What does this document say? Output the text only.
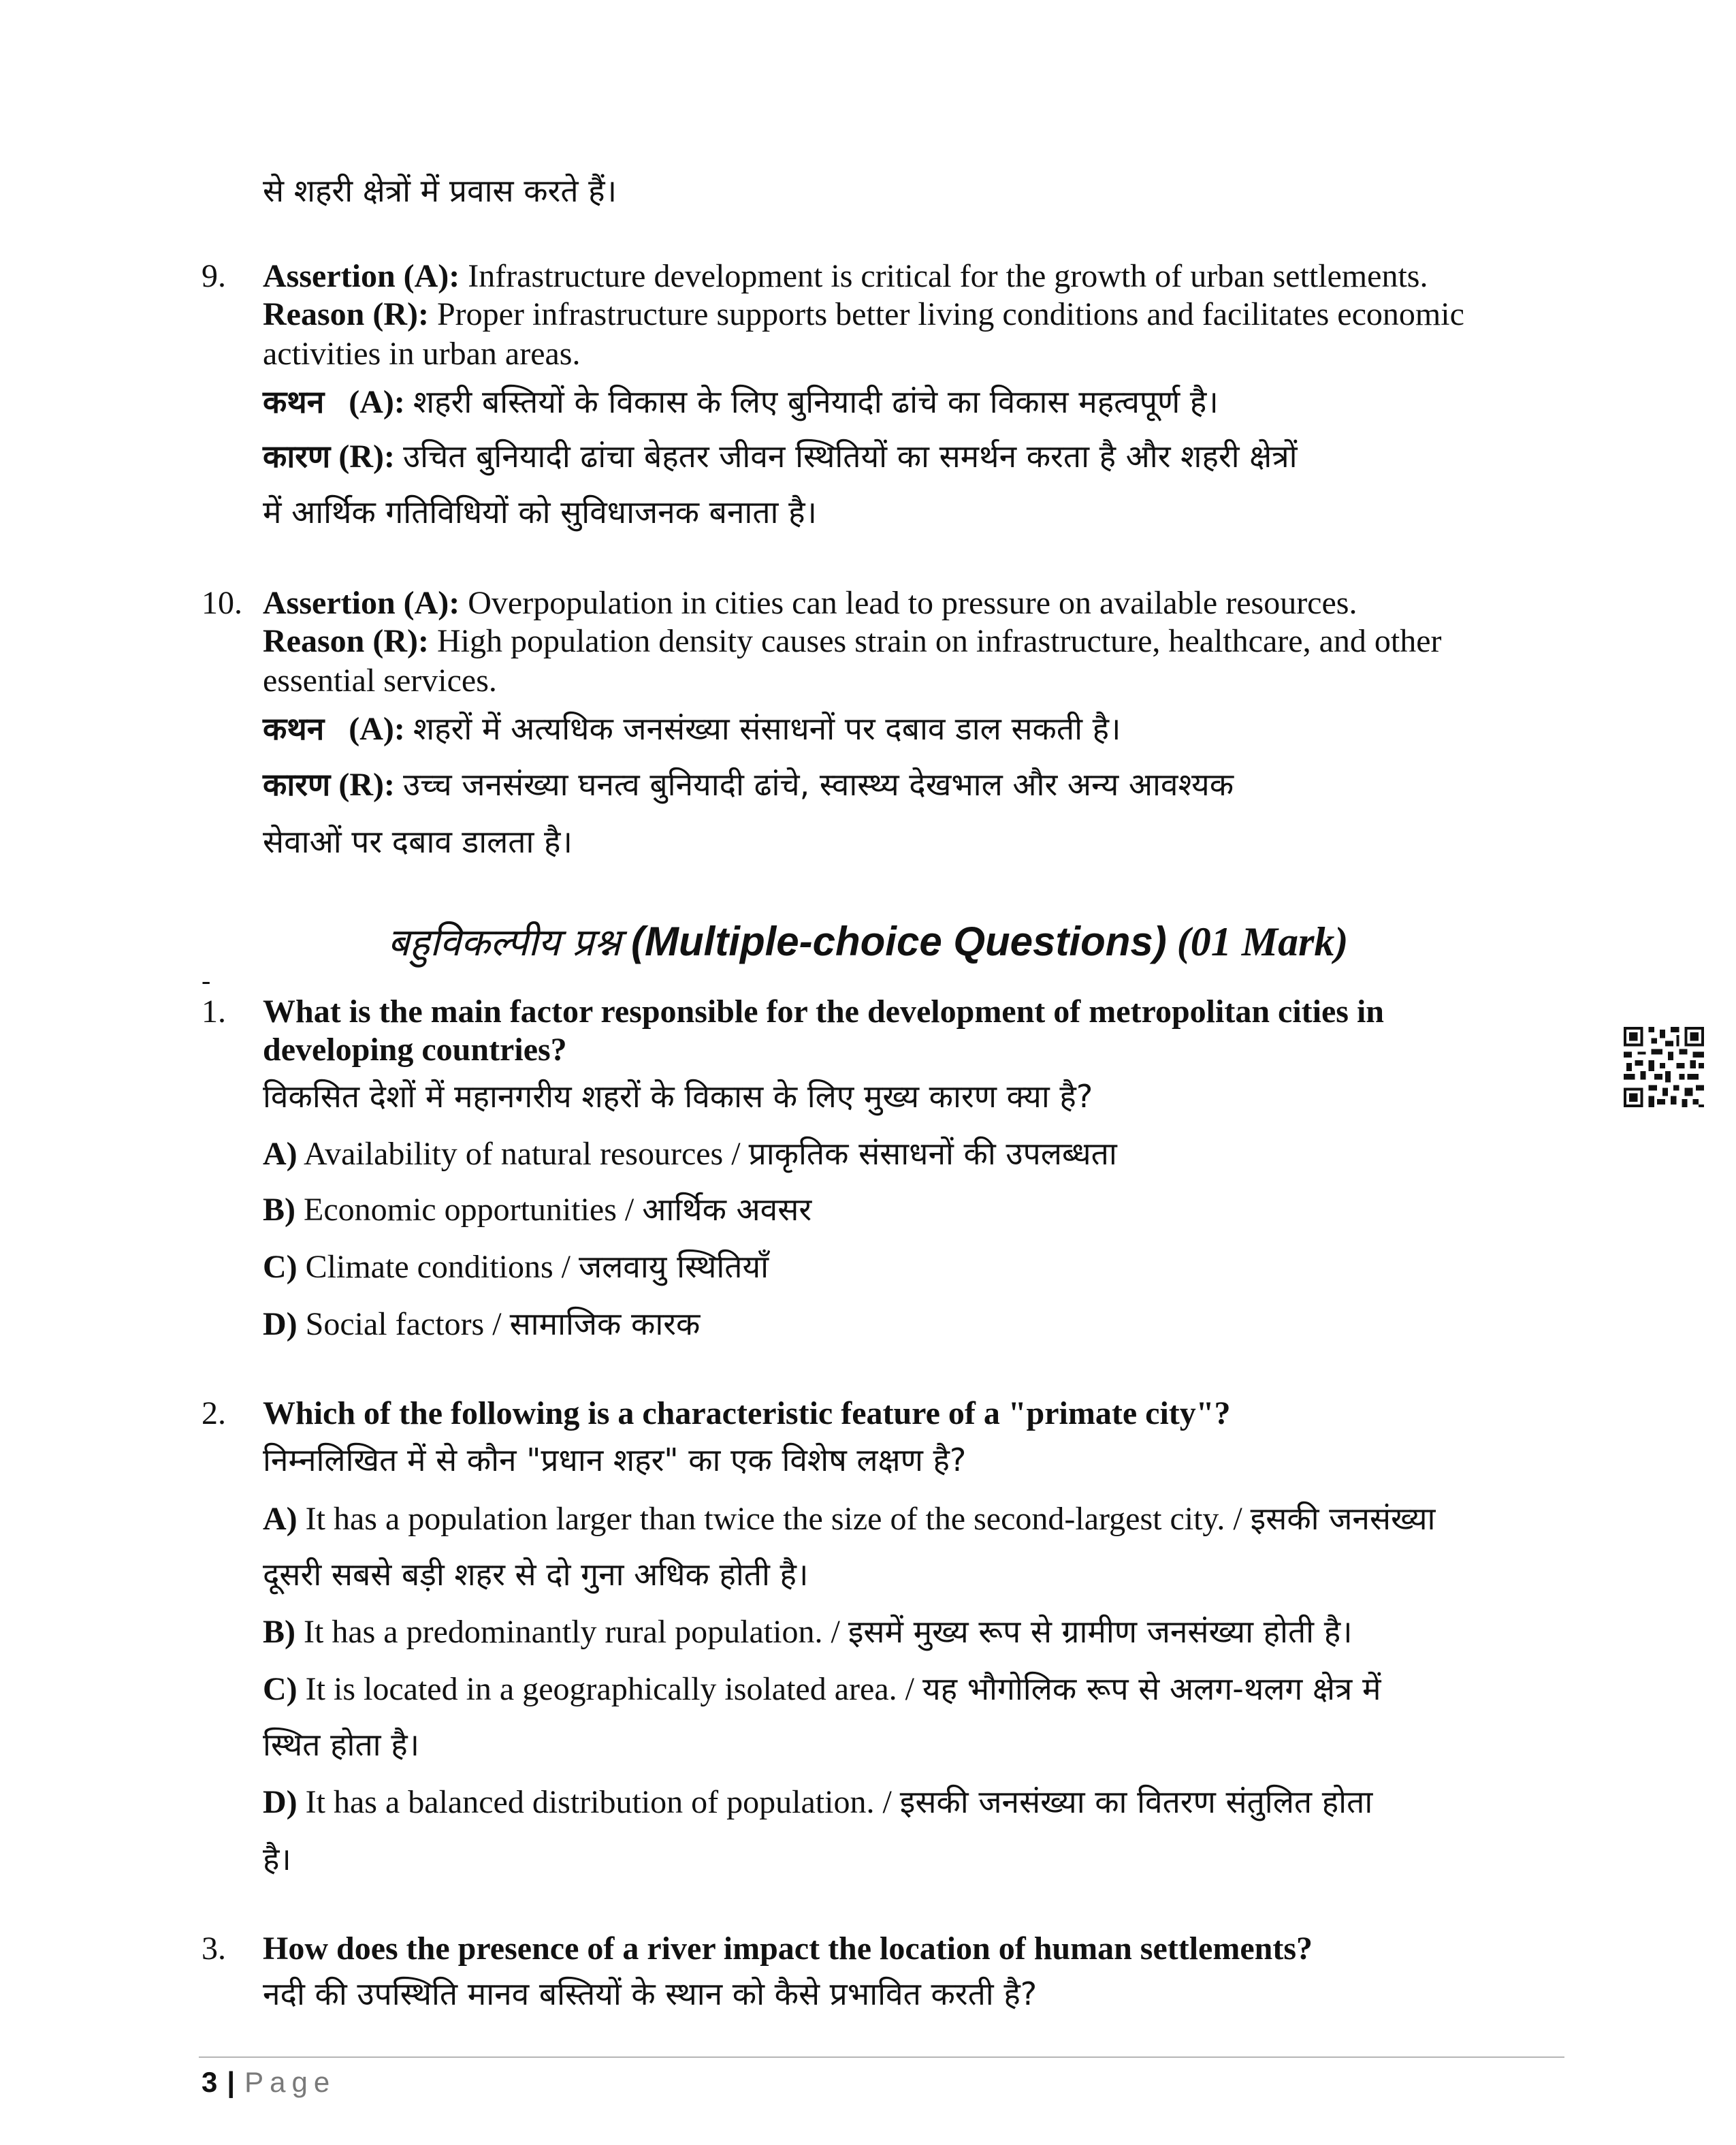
से शहरी क्षेत्रों में प्रवास करते हैं।
9. Assertion (A): Infrastructure development is critical for the growth of urban settlements.
Reason (R): Proper infrastructure supports better living conditions and facilitates economic
activities in urban areas.
कथन (A): शहरी बस्तियों के विकास के लिए बुनियादी ढांचे का विकास महत्वपूर्ण है।
कारण (R): उचित बुनियादी ढांचा बेहतर जीवन स्थितियों का समर्थन करता है और शहरी क्षेत्रों
में आर्थिक गतिविधियों को सुविधाजनक बनाता है।
10. Assertion (A): Overpopulation in cities can lead to pressure on available resources.
Reason (R): High population density causes strain on infrastructure, healthcare, and other
essential services.
कथन (A): शहरों में अत्यधिक जनसंख्या संसाधनों पर दबाव डाल सकती है।
कारण (R): उच्च जनसंख्या घनत्व बुनियादी ढांचे, स्वास्थ्य देखभाल और अन्य आवश्यक
सेवाओं पर दबाव डालता है।
बहुविकल्पीय प्रश्न (Multiple-choice Questions) (01 Mark)
-
1. What is the main factor responsible for the development of metropolitan cities in
developing countries?
विकसित देशों में महानगरीय शहरों के विकास के लिए मुख्य कारण क्या है?
A) Availability of natural resources / प्राकृतिक संसाधनों की उपलब्धता
B) Economic opportunities / आर्थिक अवसर
C) Climate conditions / जलवायु स्थितियाँ
D) Social factors / सामाजिक कारक
2. Which of the following is a characteristic feature of a "primate city"?
निम्नलिखित में से कौन "प्रधान शहर" का एक विशेष लक्षण है?
A) It has a population larger than twice the size of the second-largest city. / इसकी जनसंख्या
दूसरी सबसे बड़ी शहर से दो गुना अधिक होती है।
B) It has a predominantly rural population. / इसमें मुख्य रूप से ग्रामीण जनसंख्या होती है।
C) It is located in a geographically isolated area. / यह भौगोलिक रूप से अलग-थलग क्षेत्र में
स्थित होता है।
D) It has a balanced distribution of population. / इसकी जनसंख्या का वितरण संतुलित होता
है।
3. How does the presence of a river impact the location of human settlements?
नदी की उपस्थिति मानव बस्तियों के स्थान को कैसे प्रभावित करती है?
3 | Page
